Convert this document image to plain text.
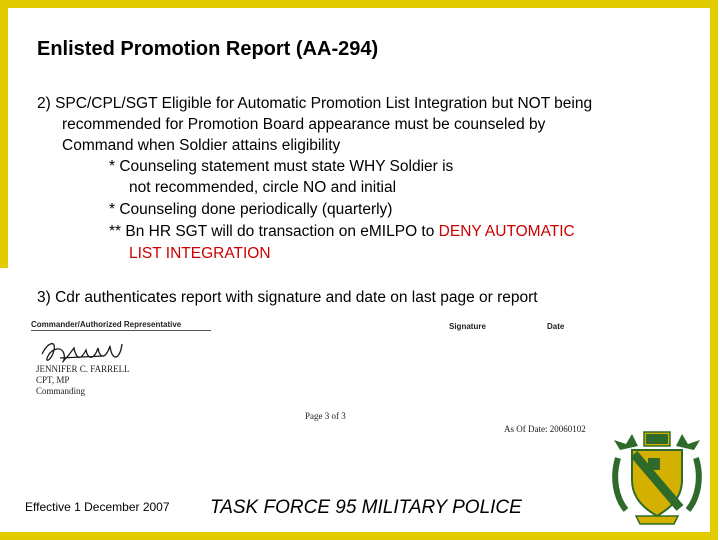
Enlisted Promotion Report (AA-294)
2) SPC/CPL/SGT Eligible for Automatic Promotion List Integration but NOT being
recommended for Promotion Board appearance must be counseled by
Command when Soldier attains eligibility
* Counseling statement must state WHY Soldier is
not recommended, circle NO and initial
* Counseling done periodically (quarterly)
** Bn HR SGT will do transaction on eMILPO to DENY AUTOMATIC
LIST INTEGRATION
3) Cdr authenticates report with signature and date on last page or report
Commander/Authorized Representative	Signature	Date
JENNIFER C. FARRELL
CPT, MP
Commanding
Page 3 of 3
As Of Date: 20060102
Effective 1 December 2007 TASK FORCE 95 MILITARY POLICE
